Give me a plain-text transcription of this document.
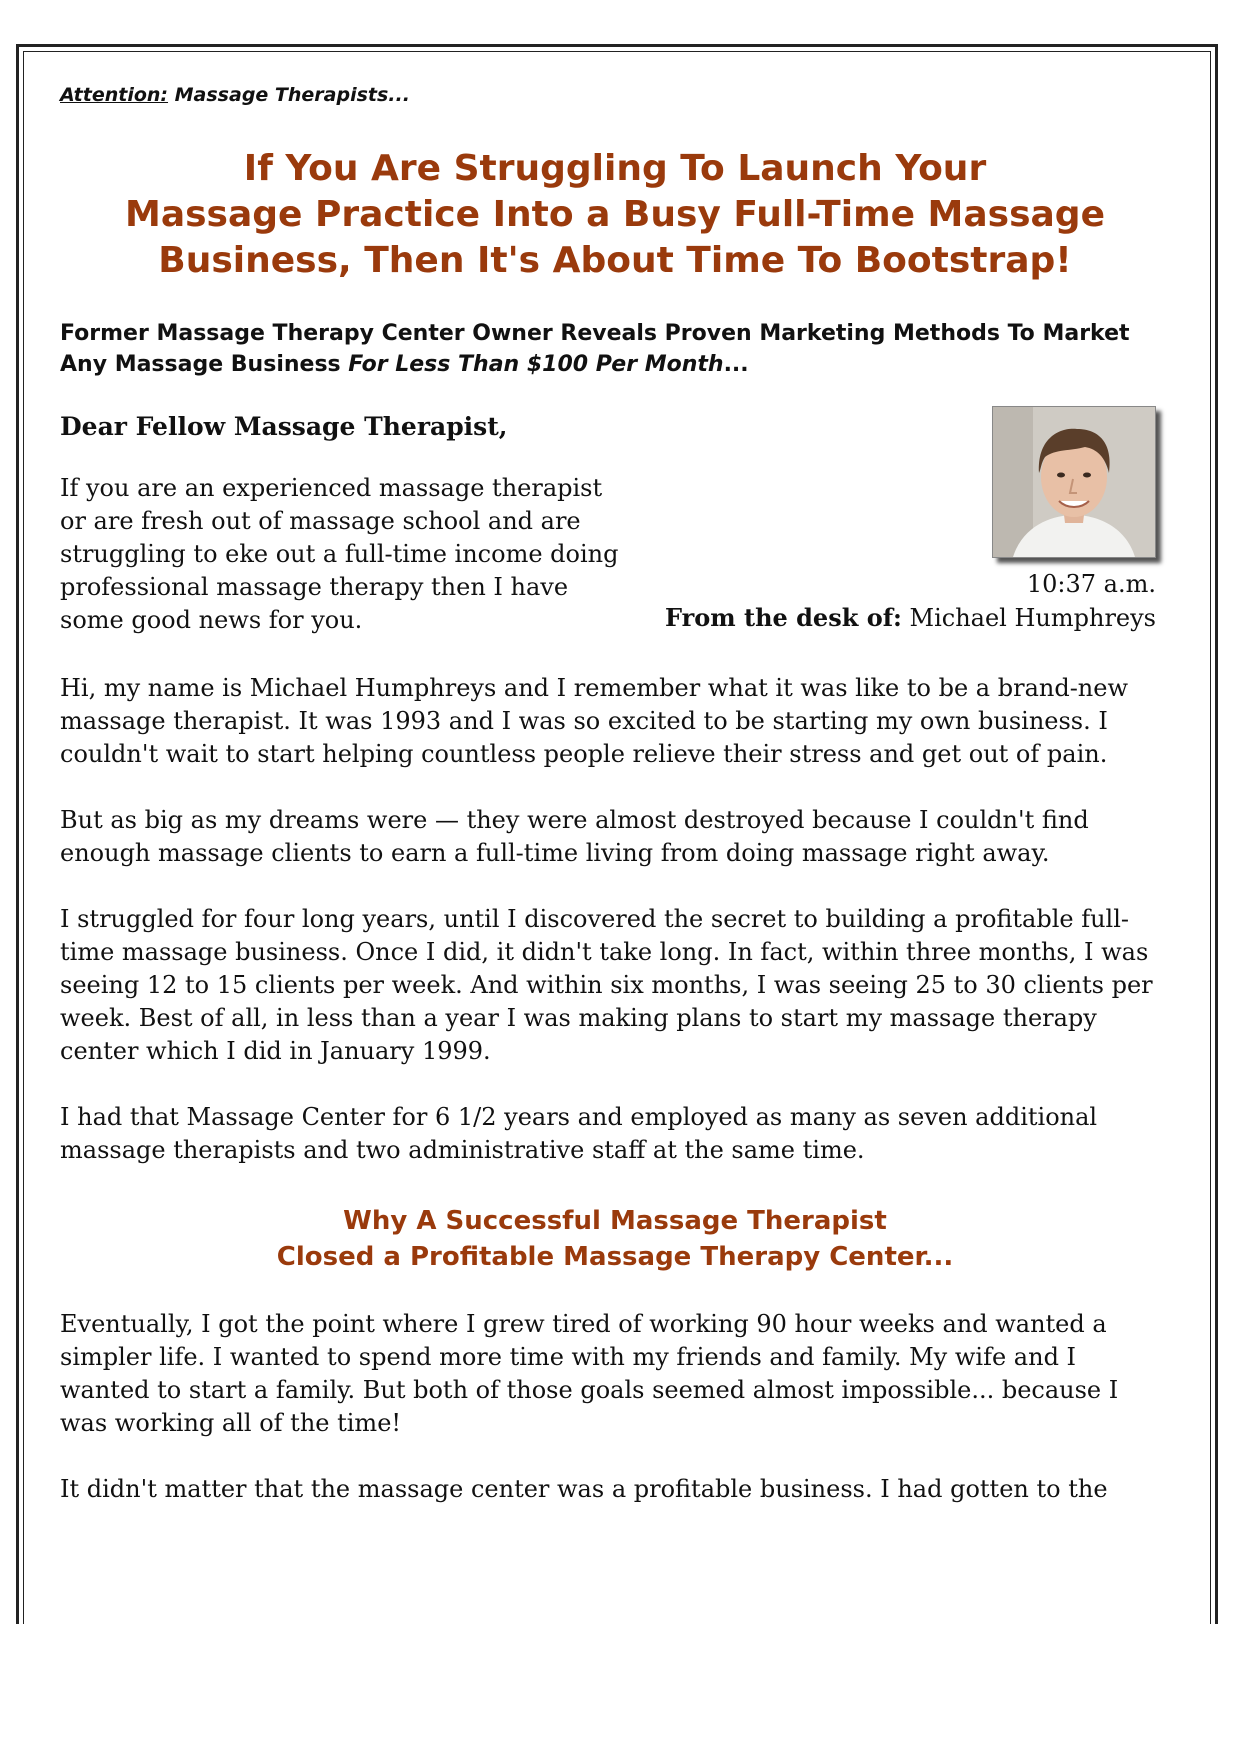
Attention: Massage Therapists...

If You Are Struggling To Launch Your
Massage Practice Into a Busy Full-Time Massage
Business, Then It's About Time To Bootstrap!

Former Massage Therapy Center Owner Reveals Proven Marketing Methods To Market Any Massage Business For Less Than $100 Per Month...

Dear Fellow Massage Therapist,

If you are an experienced massage therapist or are fresh out of massage school and are struggling to eke out a full-time income doing professional massage therapy then I have some good news for you.

10:37 a.m.

From the desk of: Michael Humphreys

Hi, my name is Michael Humphreys and I remember what it was like to be a brand-new massage therapist. It was 1993 and I was so excited to be starting my own business. I couldn't wait to start helping countless people relieve their stress and get out of pain.

But as big as my dreams were — they were almost destroyed because I couldn't find enough massage clients to earn a full-time living from doing massage right away.

I struggled for four long years, until I discovered the secret to building a profitable full-time massage business. Once I did, it didn't take long. In fact, within three months, I was seeing 12 to 15 clients per week. And within six months, I was seeing 25 to 30 clients per week. Best of all, in less than a year I was making plans to start my massage therapy center which I did in January 1999.

I had that Massage Center for 6 1/2 years and employed as many as seven additional massage therapists and two administrative staff at the same time.

Why A Successful Massage Therapist
Closed a Profitable Massage Therapy Center...

Eventually, I got the point where I grew tired of working 90 hour weeks and wanted a simpler life. I wanted to spend more time with my friends and family. My wife and I wanted to start a family. But both of those goals seemed almost impossible... because I was working all of the time!

It didn't matter that the massage center was a profitable business. I had gotten to the
